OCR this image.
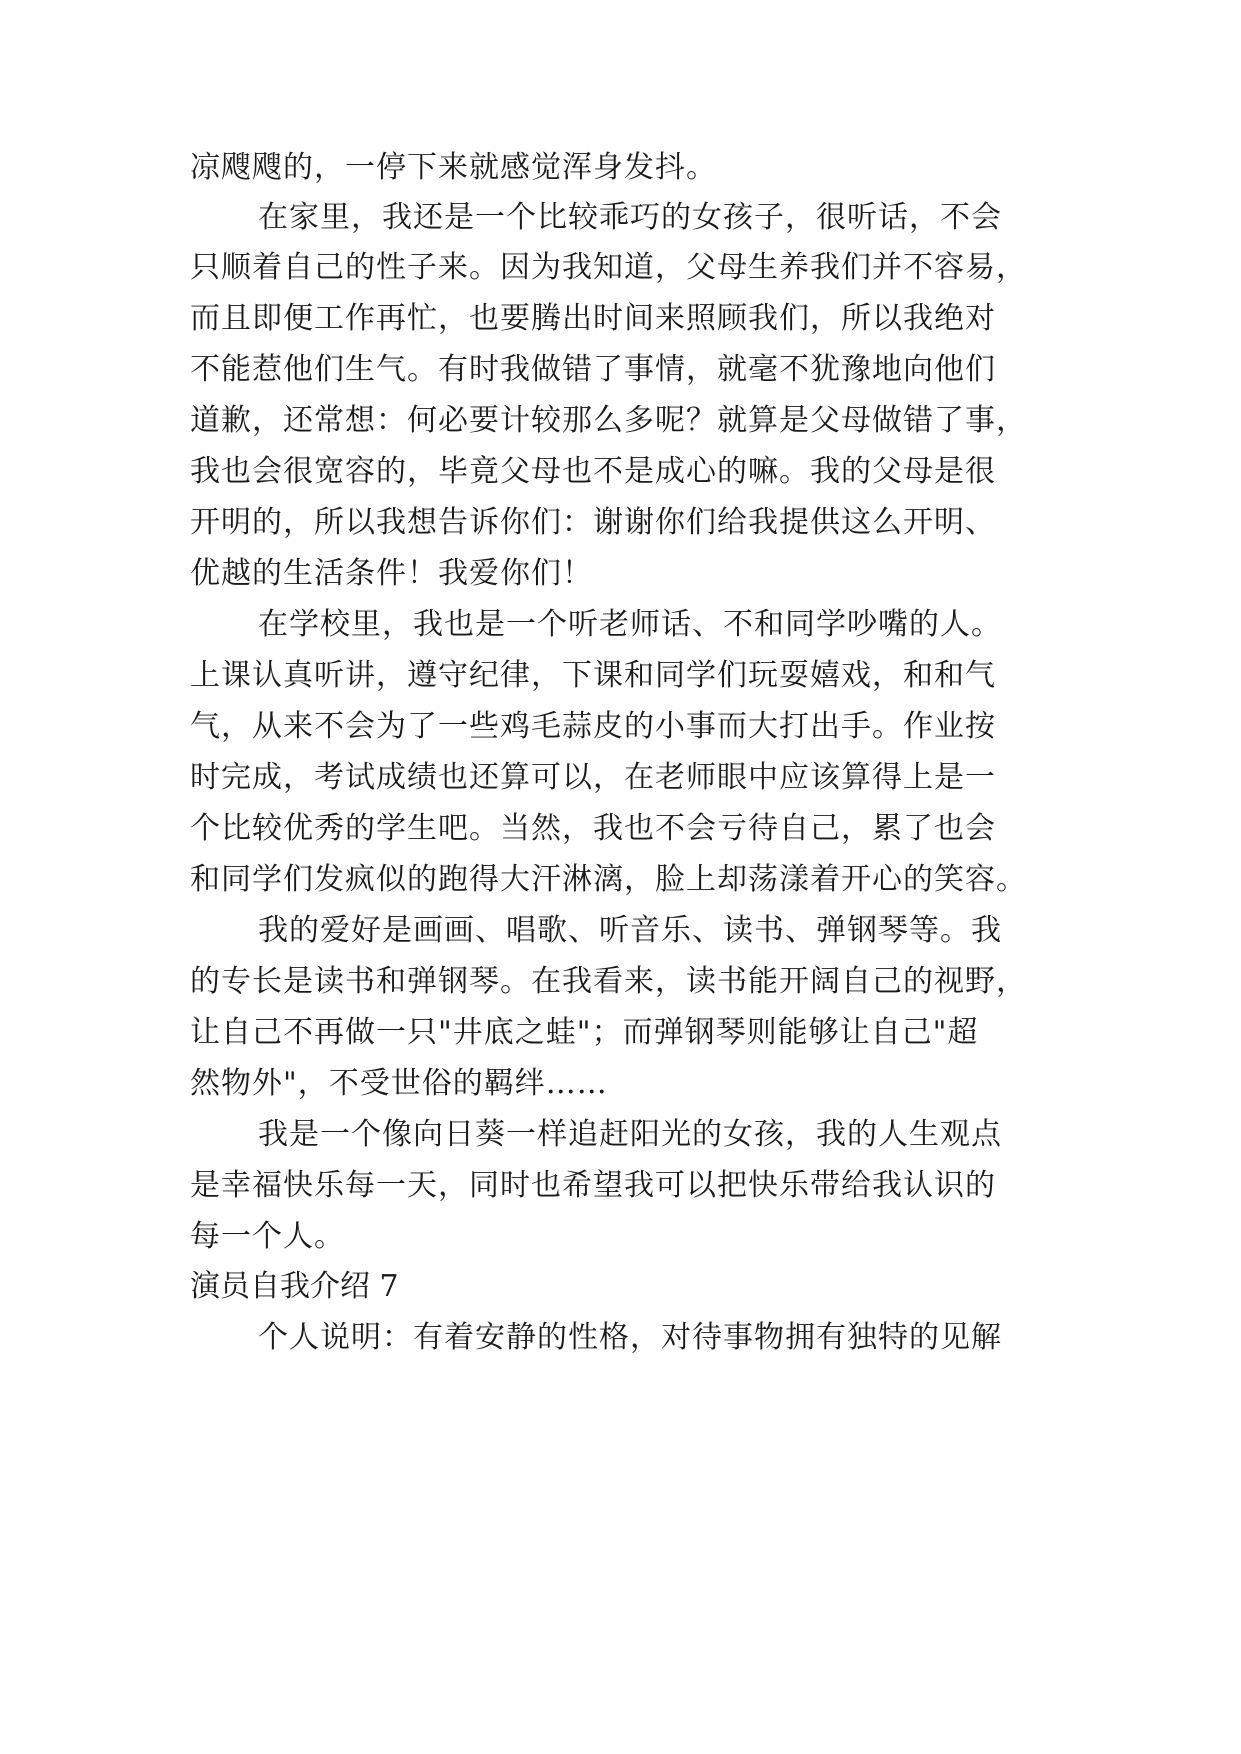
凉飕飕的，一停下来就感觉浑身发抖。
在家里，我还是一个比较乖巧的女孩子，很听话，不会
只顺着自己的性子来。因为我知道，父母生养我们并不容易，
而且即便工作再忙，也要腾出时间来照顾我们，所以我绝对
不能惹他们生气。有时我做错了事情，就毫不犹豫地向他们
道歉，还常想：何必要计较那么多呢？就算是父母做错了事，
我也会很宽容的，毕竟父母也不是成心的嘛。我的父母是很
开明的，所以我想告诉你们：谢谢你们给我提供这么开明、
优越的生活条件！我爱你们！
在学校里，我也是一个听老师话、不和同学吵嘴的人。
上课认真听讲，遵守纪律，下课和同学们玩耍嬉戏，和和气
气，从来不会为了一些鸡毛蒜皮的小事而大打出手。作业按
时完成，考试成绩也还算可以，在老师眼中应该算得上是一
个比较优秀的学生吧。当然，我也不会亏待自己，累了也会
和同学们发疯似的跑得大汗淋漓，脸上却荡漾着开心的笑容。
我的爱好是画画、唱歌、听音乐、读书、弹钢琴等。我
的专长是读书和弹钢琴。在我看来，读书能开阔自己的视野，
让自己不再做一只"井底之蛙"；而弹钢琴则能够让自己"超
然物外"，不受世俗的羁绊……
我是一个像向日葵一样追赶阳光的女孩，我的人生观点
是幸福快乐每一天，同时也希望我可以把快乐带给我认识的
每一个人。
演员自我介绍 7
个人说明：有着安静的性格，对待事物拥有独特的见解
